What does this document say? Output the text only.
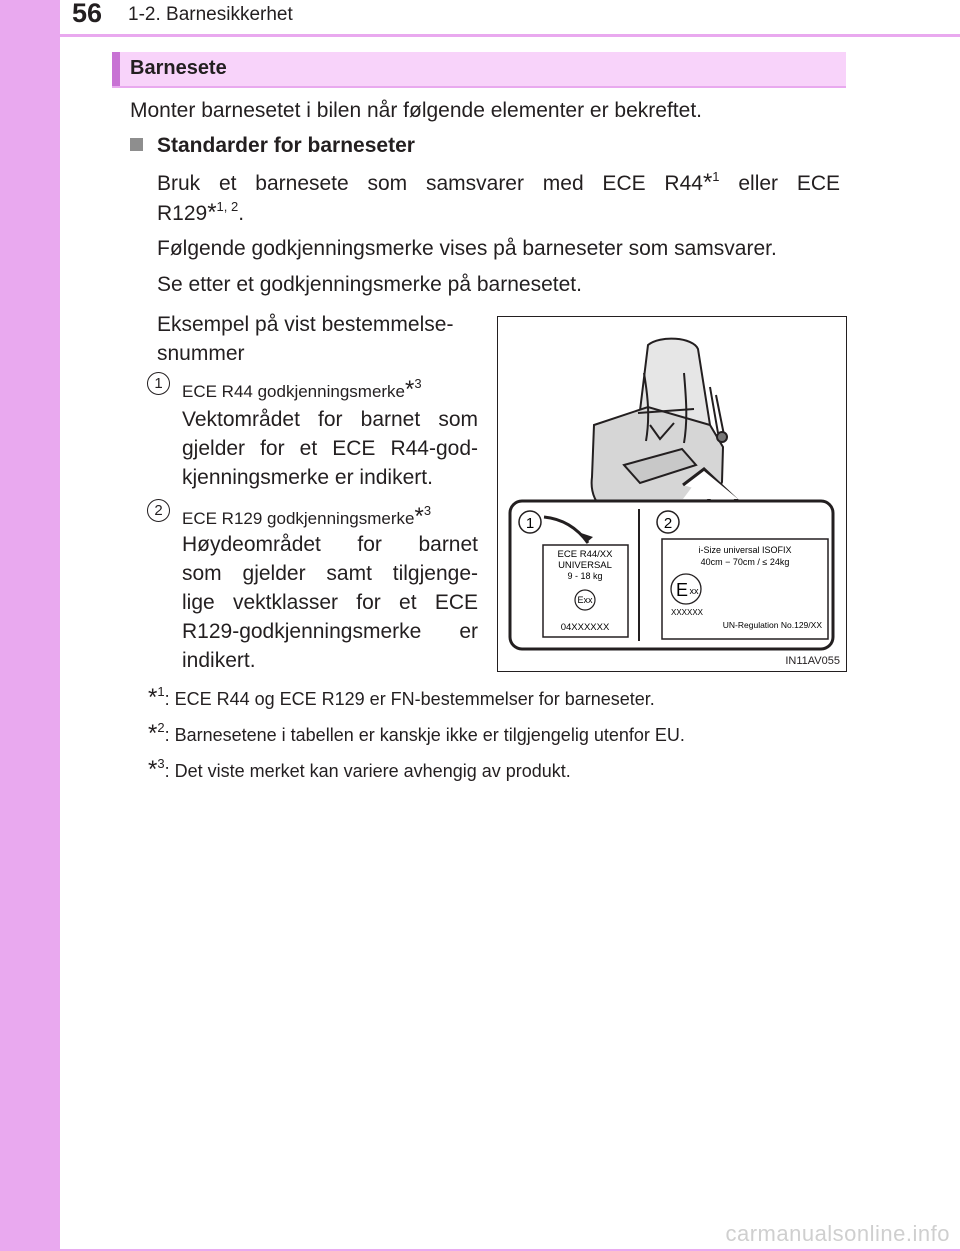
56 1-2. Barnesikkerhet
Barnesete
Monter barnesetet i bilen når følgende elementer er bekreftet.
Standarder for barneseter
Bruk et barnesete som samsvarer med ECE R44*$^1$ eller ECE
R129*$^{1, 2}$.
Følgende godkjenningsmerke vises på barneseter som samsvarer.
Se etter et godkjenningsmerke på barnesetet.
Eksempel på vist bestemmelse-
snummer
1	ECE R44 godkjenningsmerke*$^3$
Vektområdet for barnet som
gjelder for et ECE R44-god-
kjenningsmerke er indikert.
2	ECE R129 godkjenningsmerke*$^3$
Høydeområdet for barnet
som gjelder samt tilgjenge-
lige vektklasser for et ECE
R129-godkjenningsmerke er
indikert.
1	2
ECE R44/XX
UNIVERSAL
9 - 18 kg
Exx
04XXXXXX
i-Size universal ISOFIX
40cm − 70cm / ≤ 24kg
E xx
XXXXXX
UN-Regulation No.129/XX
IN11AV055
*$^1$: ECE R44 og ECE R129 er FN-bestemmelser for barneseter.
*$^2$: Barnesetene i tabellen er kanskje ikke er tilgjengelig utenfor EU.
*$^3$: Det viste merket kan variere avhengig av produkt.
carmanualsonline.info
